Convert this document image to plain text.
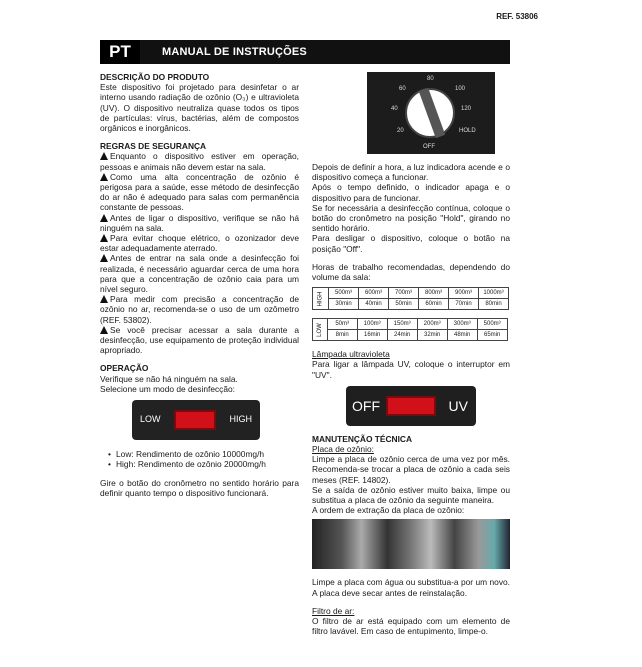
REF. 53806
PT	MANUAL DE INSTRUÇÕES
DESCRIÇÃO DO PRODUTO

Este dispositivo foi projetado para desinfetar o ar interno usando radiação de ozônio (O₃) e ultravioleta (UV). O dispositivo neutraliza quase todos os tipos de partículas: vírus, bactérias, além de compostos orgânicos e inorgânicos.

REGRAS DE SEGURANÇA

Enquanto o dispositivo estiver em operação, pessoas e animais não devem estar na sala.

Como uma alta concentração de ozônio é perigosa para a saúde, esse método de desinfecção do ar não é adequado para salas com permanência constante de pessoas.

Antes de ligar o dispositivo, verifique se não há ninguém na sala.

Para evitar choque elétrico, o ozonizador deve estar adequadamente aterrado.

Antes de entrar na sala onde a desinfecção foi realizada, é necessário aguardar cerca de uma hora para que a concentração de ozônio caia para um nível seguro.

Para medir com precisão a concentração de ozônio no ar, recomenda-se o uso de um ozômetro (REF. 53802).

Se você precisar acessar a sala durante a desinfecção, use equipamento de proteção individual apropriado.

OPERAÇÃO

Verifique se não há ninguém na sala.
Selecione um modo de desinfecção:

LOW	HIGH
• Low: Rendimento de ozônio 10000mg/h
• High: Rendimento de ozônio 20000mg/h

Gire o botão do cronômetro no sentido horário para definir quanto tempo o dispositivo funcionará.

80
60	100
40	120
20	HOLD
OFF

Depois de definir a hora, a luz indicadora acende e o dispositivo começa a funcionar.
Após o tempo definido, o indicador apaga e o dispositivo para de funcionar.
Se for necessária a desinfecção contínua, coloque o botão do cronômetro na posição "Hold", girando no sentido horário.
Para desligar o dispositivo, coloque o botão na posição "Off".

Horas de trabalho recomendadas, dependendo do volume da sala:

HIGH	500m³	600m³	700m³	800m³	900m³	1000m³
	30min	40min	50min	60min	70min	80min
LOW	50m³	100m³	150m³	200m³	300m³	500m³
	8min	16min	24min	32min	48min	65min

Lâmpada ultravioleta

Para ligar a lâmpada UV, coloque o interruptor em "UV".

OFF	UV
MANUTENÇÃO TÉCNICA

Placa de ozônio:

Limpe a placa de ozônio cerca de uma vez por mês. Recomenda-se trocar a placa de ozônio a cada seis meses (REF. 14802).
Se a saída de ozônio estiver muito baixa, limpe ou substitua a placa de ozônio da seguinte maneira.
A ordem de extração da placa de ozônio:

Limpe a placa com água ou substitua-a por um novo. A placa deve secar antes de reinstalação.

Filtro de ar:

O filtro de ar está equipado com um elemento de filtro lavável. Em caso de entupimento, limpe-o.
